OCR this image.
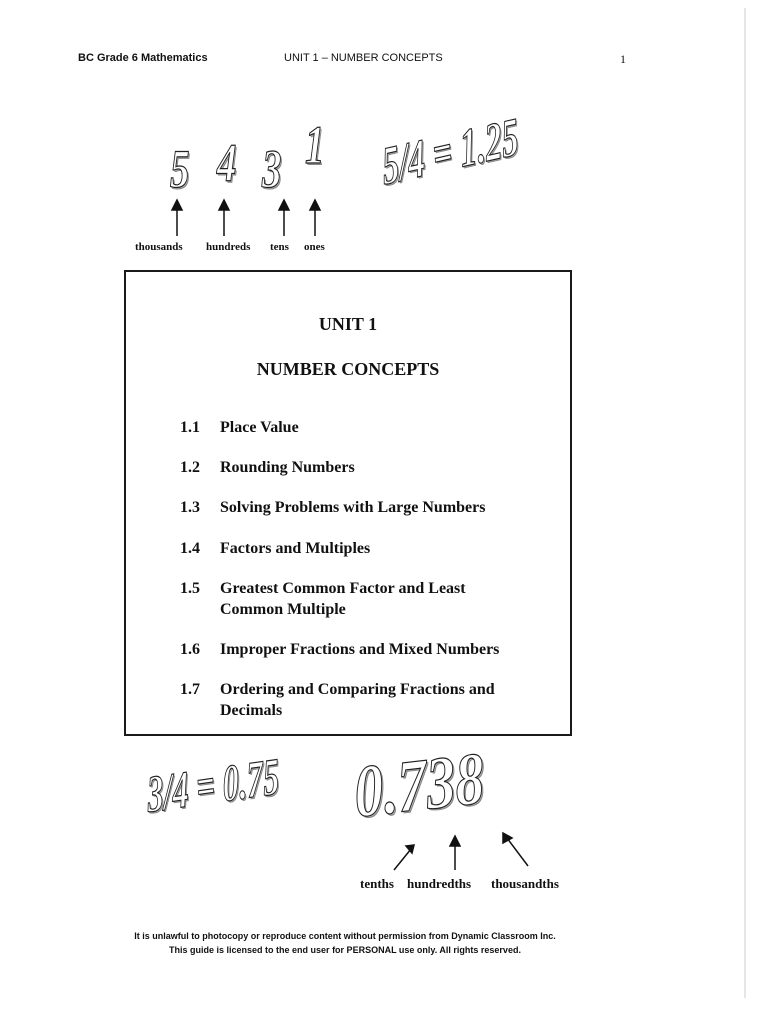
BC Grade 6 Mathematics	UNIT 1 – NUMBER CONCEPTS	1
5 4 3 1
thousands hundreds tens ones
5/4 = 1.25
UNIT 1
NUMBER CONCEPTS
1.1 Place Value
1.2 Rounding Numbers
1.3 Solving Problems with Large Numbers
1.4 Factors and Multiples
1.5 Greatest Common Factor and Least Common Multiple
1.6 Improper Fractions and Mixed Numbers
1.7 Ordering and Comparing Fractions and Decimals
3/4 = 0.75 0.738
tenths hundredths thousandths
It is unlawful to photocopy or reproduce content without permission from Dynamic Classroom Inc.
This guide is licensed to the end user for PERSONAL use only. All rights reserved.
